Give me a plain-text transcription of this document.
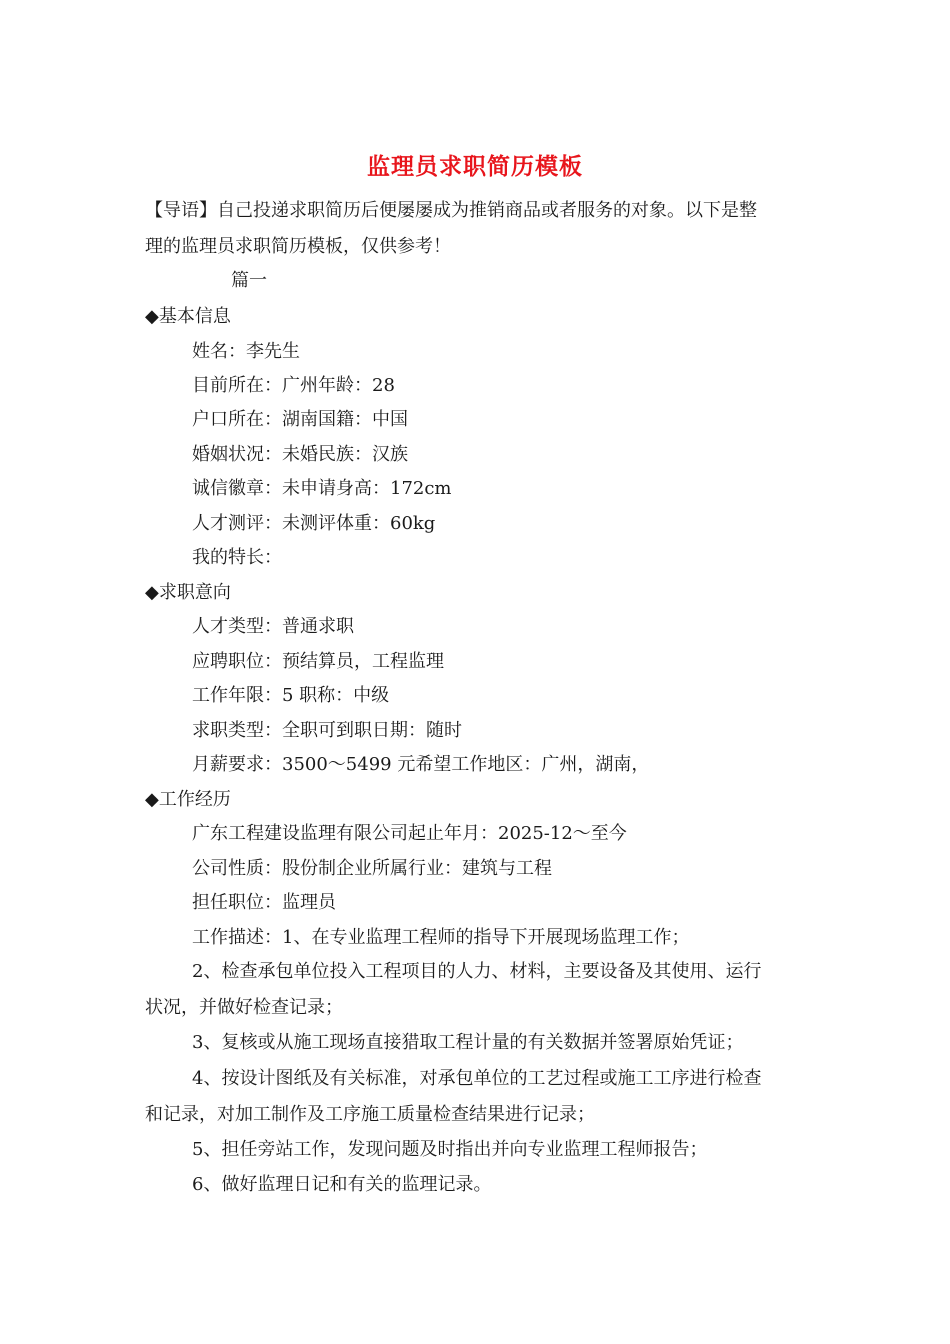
监理员求职简历模板
【导语】自己投递求职简历后便屡屡成为推销商品或者服务的对象。以下是整
理的监理员求职简历模板，仅供参考！
篇一
◆基本信息
姓名：李先生
目前所在：广州年龄：28
户口所在：湖南国籍：中国
婚姻状况：未婚民族：汉族
诚信徽章：未申请身高：172cm
人才测评：未测评体重：60kg
我的特长：
◆求职意向
人才类型：普通求职
应聘职位：预结算员，工程监理
工作年限：5 职称：中级
求职类型：全职可到职日期：随时
月薪要求：3500～5499 元希望工作地区：广州，湖南，
◆工作经历
广东工程建设监理有限公司起止年月：2025-12～至今
公司性质：股份制企业所属行业：建筑与工程
担任职位：监理员
工作描述：1、在专业监理工程师的指导下开展现场监理工作；
2、检查承包单位投入工程项目的人力、材料，主要设备及其使用、运行
状况，并做好检查记录；
3、复核或从施工现场直接猎取工程计量的有关数据并签署原始凭证；
4、按设计图纸及有关标准，对承包单位的工艺过程或施工工序进行检查
和记录，对加工制作及工序施工质量检查结果进行记录；
5、担任旁站工作，发现问题及时指出并向专业监理工程师报告；
6、做好监理日记和有关的监理记录。
